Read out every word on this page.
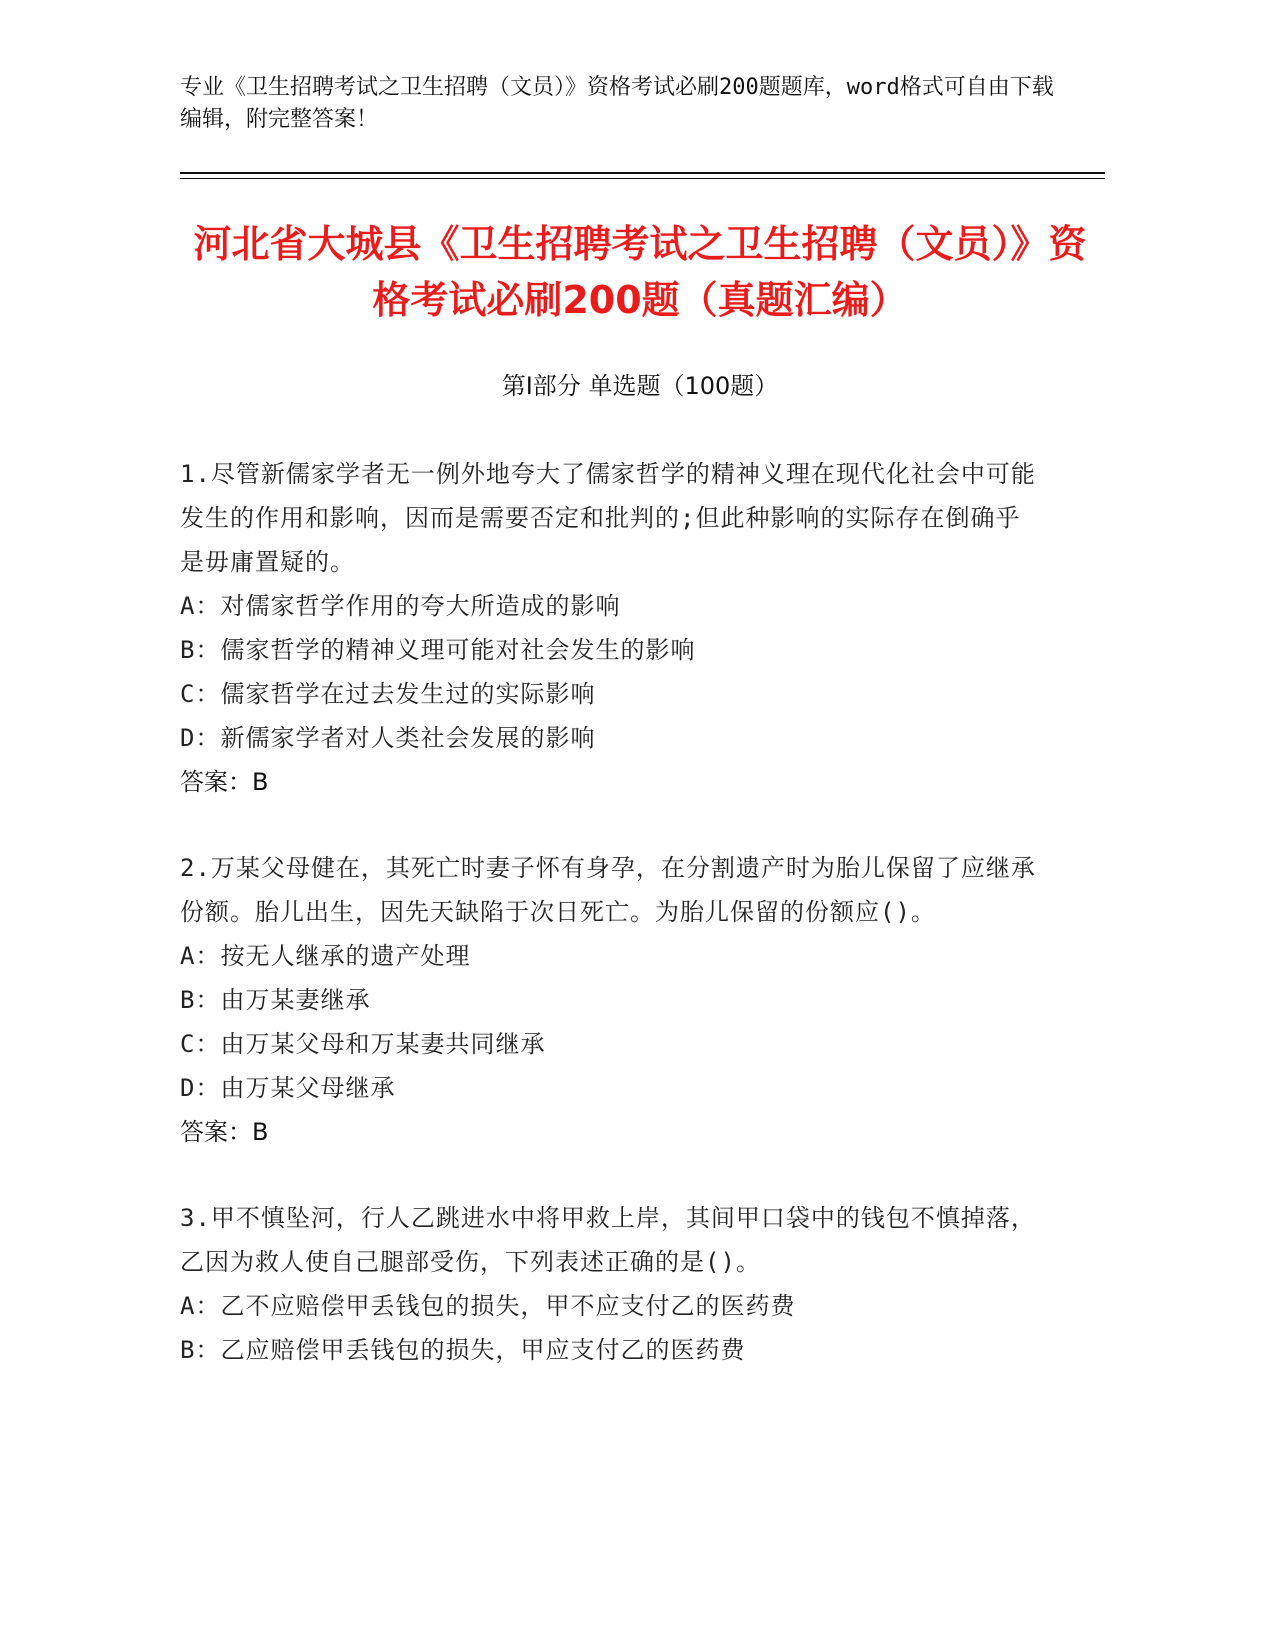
专业《卫生招聘考试之卫生招聘（文员）》资格考试必刷200题题库，word格式可自由下载编辑，附完整答案！
河北省大城县《卫生招聘考试之卫生招聘（文员）》资格考试必刷200题（真题汇编）
第Ⅰ部分 单选题（100题）
1.尽管新儒家学者无一例外地夸大了儒家哲学的精神义理在现代化社会中可能发生的作用和影响，因而是需要否定和批判的;但此种影响的实际存在倒确乎是毋庸置疑的。
A：对儒家哲学作用的夸大所造成的影响
B：儒家哲学的精神义理可能对社会发生的影响
C：儒家哲学在过去发生过的实际影响
D：新儒家学者对人类社会发展的影响
答案：B
2.万某父母健在，其死亡时妻子怀有身孕，在分割遗产时为胎儿保留了应继承份额。胎儿出生，因先天缺陷于次日死亡。为胎儿保留的份额应()。
A：按无人继承的遗产处理
B：由万某妻继承
C：由万某父母和万某妻共同继承
D：由万某父母继承
答案：B
3.甲不慎坠河，行人乙跳进水中将甲救上岸，其间甲口袋中的钱包不慎掉落，乙因为救人使自己腿部受伤，下列表述正确的是()。
A：乙不应赔偿甲丢钱包的损失，甲不应支付乙的医药费
B：乙应赔偿甲丢钱包的损失，甲应支付乙的医药费
